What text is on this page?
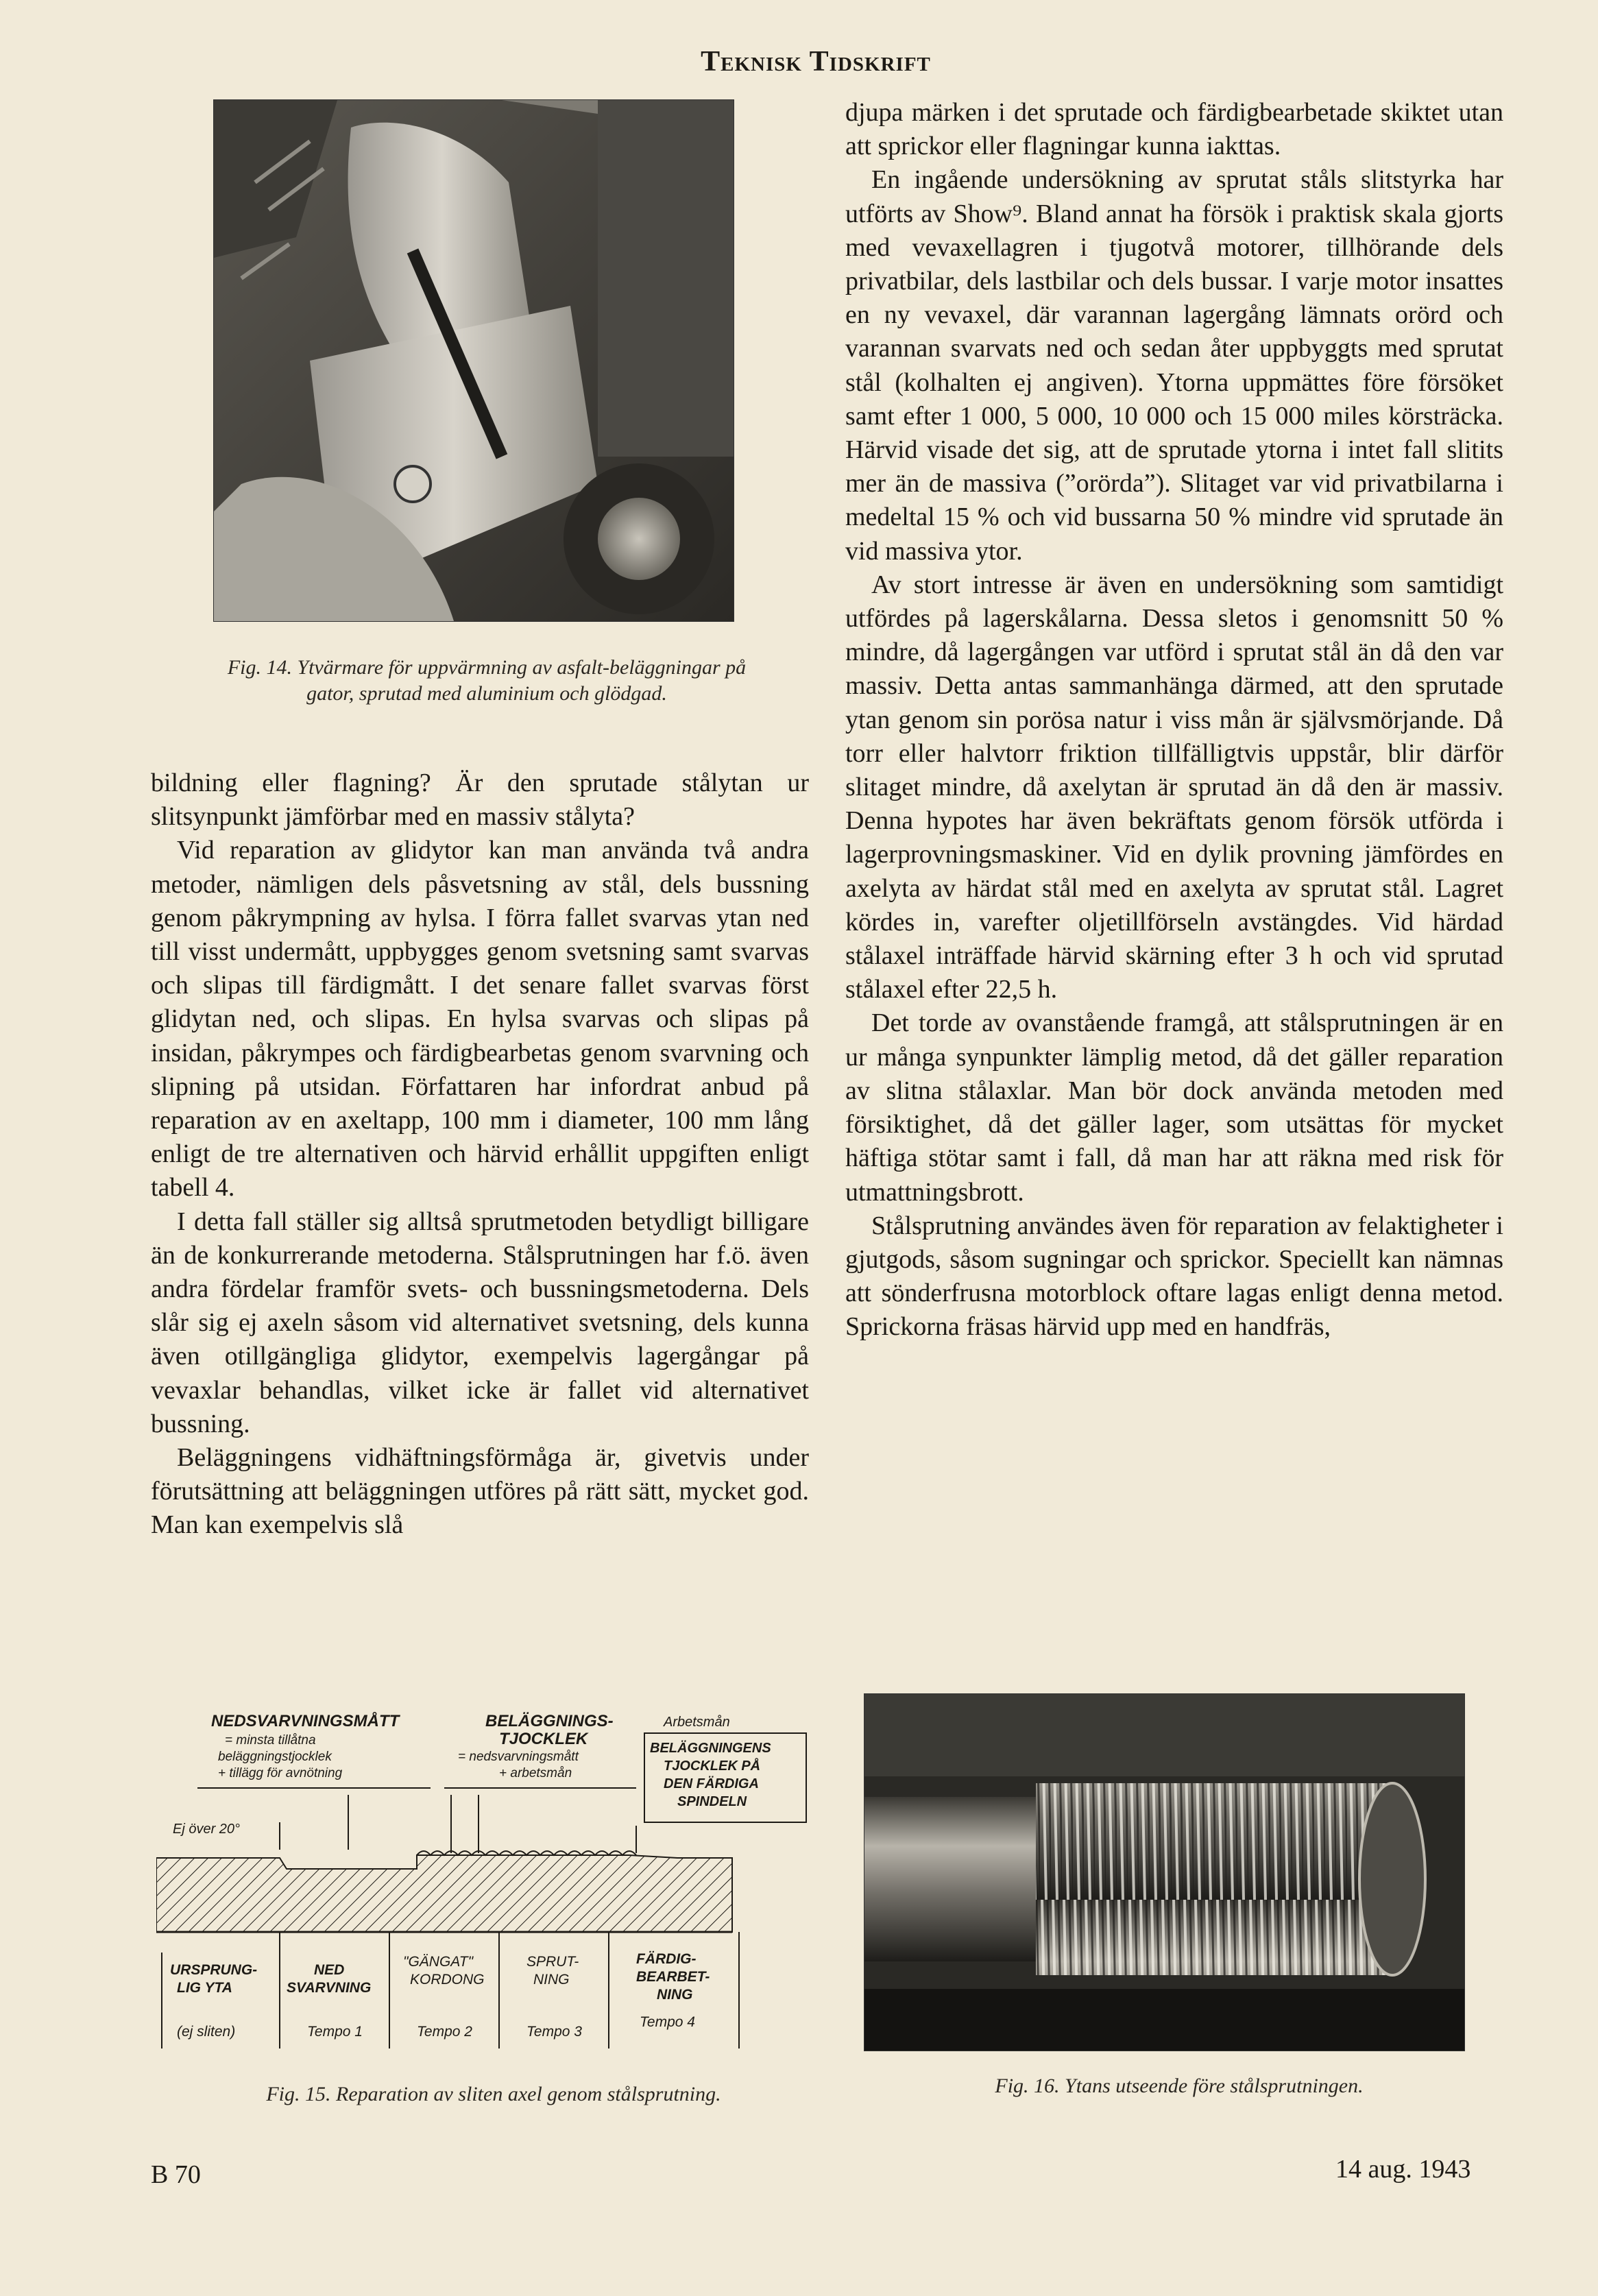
Teknisk Tidskrift
Fig. 14. Ytvärmare för uppvärmning av asfalt-beläggningar på gator, sprutad med aluminium och glödgad.

bildning eller flagning? Är den sprutade stålytan ur slitsynpunkt jämförbar med en massiv stålyta?

Vid reparation av glidytor kan man använda två andra metoder, nämligen dels påsvetsning av stål, dels bussning genom påkrympning av hylsa. I förra fallet svarvas ytan ned till visst undermått, uppbygges genom svetsning samt svarvas och slipas till färdigmått. I det senare fallet svarvas först glidytan ned, och slipas. En hylsa svarvas och slipas på insidan, påkrympes och färdigbearbetas genom svarvning och slipning på utsidan. Författaren har infordrat anbud på reparation av en axeltapp, 100 mm i diameter, 100 mm lång enligt de tre alternativen och härvid erhållit uppgiften enligt tabell 4.

I detta fall ställer sig alltså sprutmetoden betydligt billigare än de konkurrerande metoderna. Stålsprutningen har f.ö. även andra fördelar framför svets- och bussningsmetoderna. Dels slår sig ej axeln såsom vid alternativet svetsning, dels kunna även otillgängliga glidytor, exempelvis lagergångar på vevaxlar behandlas, vilket icke är fallet vid alternativet bussning.

Beläggningens vidhäftningsförmåga är, givetvis under förutsättning att beläggningen utföres på rätt sätt, mycket god. Man kan exempelvis slå

djupa märken i det sprutade och färdigbearbetade skiktet utan att sprickor eller flagningar kunna iakttas.

En ingående undersökning av sprutat ståls slitstyrka har utförts av Show⁹. Bland annat ha försök i praktisk skala gjorts med vevaxellagren i tjugotvå motorer, tillhörande dels privatbilar, dels lastbilar och dels bussar. I varje motor insattes en ny vevaxel, där varannan lagergång lämnats orörd och varannan svarvats ned och sedan åter uppbyggts med sprutat stål (kolhalten ej angiven). Ytorna uppmättes före försöket samt efter 1 000, 5 000, 10 000 och 15 000 miles körsträcka. Härvid visade det sig, att de sprutade ytorna i intet fall slitits mer än de massiva (”orörda”). Slitaget var vid privatbilarna i medeltal 15 % och vid bussarna 50 % mindre vid sprutade än vid massiva ytor.

Av stort intresse är även en undersökning som samtidigt utfördes på lagerskålarna. Dessa sletos i genomsnitt 50 % mindre, då lagergången var utförd i sprutat stål än då den var massiv. Detta antas sammanhänga därmed, att den sprutade ytan genom sin porösa natur i viss mån är självsmörjande. Då torr eller halvtorr friktion tillfälligtvis uppstår, blir därför slitaget mindre, då axelytan är sprutad än då den är massiv. Denna hypotes har även bekräftats genom försök utförda i lagerprovningsmaskiner. Vid en dylik provning jämfördes en axelyta av härdat stål med en axelyta av sprutat stål. Lagret kördes in, varefter oljetillförseln avstängdes. Vid härdad stålaxel inträffade härvid skärning efter 3 h och vid sprutad stålaxel efter 22,5 h.

Det torde av ovanstående framgå, att stålsprutningen är en ur många synpunkter lämplig metod, då det gäller reparation av slitna stålaxlar. Man bör dock använda metoden med försiktighet, då det gäller lager, som utsättas för mycket häftiga stötar samt i fall, då man har att räkna med risk för utmattningsbrott.

Stålsprutning användes även för reparation av felaktigheter i gjutgods, såsom sugningar och sprickor. Speciellt kan nämnas att sönderfrusna motorblock oftare lagas enligt denna metod. Sprickorna fräsas härvid upp med en handfräs,

NEDSVARVNINGSMÅTT
= minsta tillåtna
beläggningstjocklek
+ tillägg för avnötning
BELÄGGNINGS-
TJOCKLEK
= nedsvarvningsmått
+ arbetsmån
Arbetsmån
BELÄGGNINGENS
TJOCKLEK PÅ
DEN FÄRDIGA
SPINDELN
Ej över 20°
URSPRUNG-
LIG YTA
(ej sliten)
NED
SVARVNING
Tempo 1
"GÄNGAT"
KORDONG
Tempo 2
SPRUT-
NING
Tempo 3
FÄRDIG-
BEARBET-
NING
Tempo 4
Fig. 15. Reparation av sliten axel genom stålsprutning.	Fig. 16. Ytans utseende före stålsprutningen.
B 70	14 aug. 1943
